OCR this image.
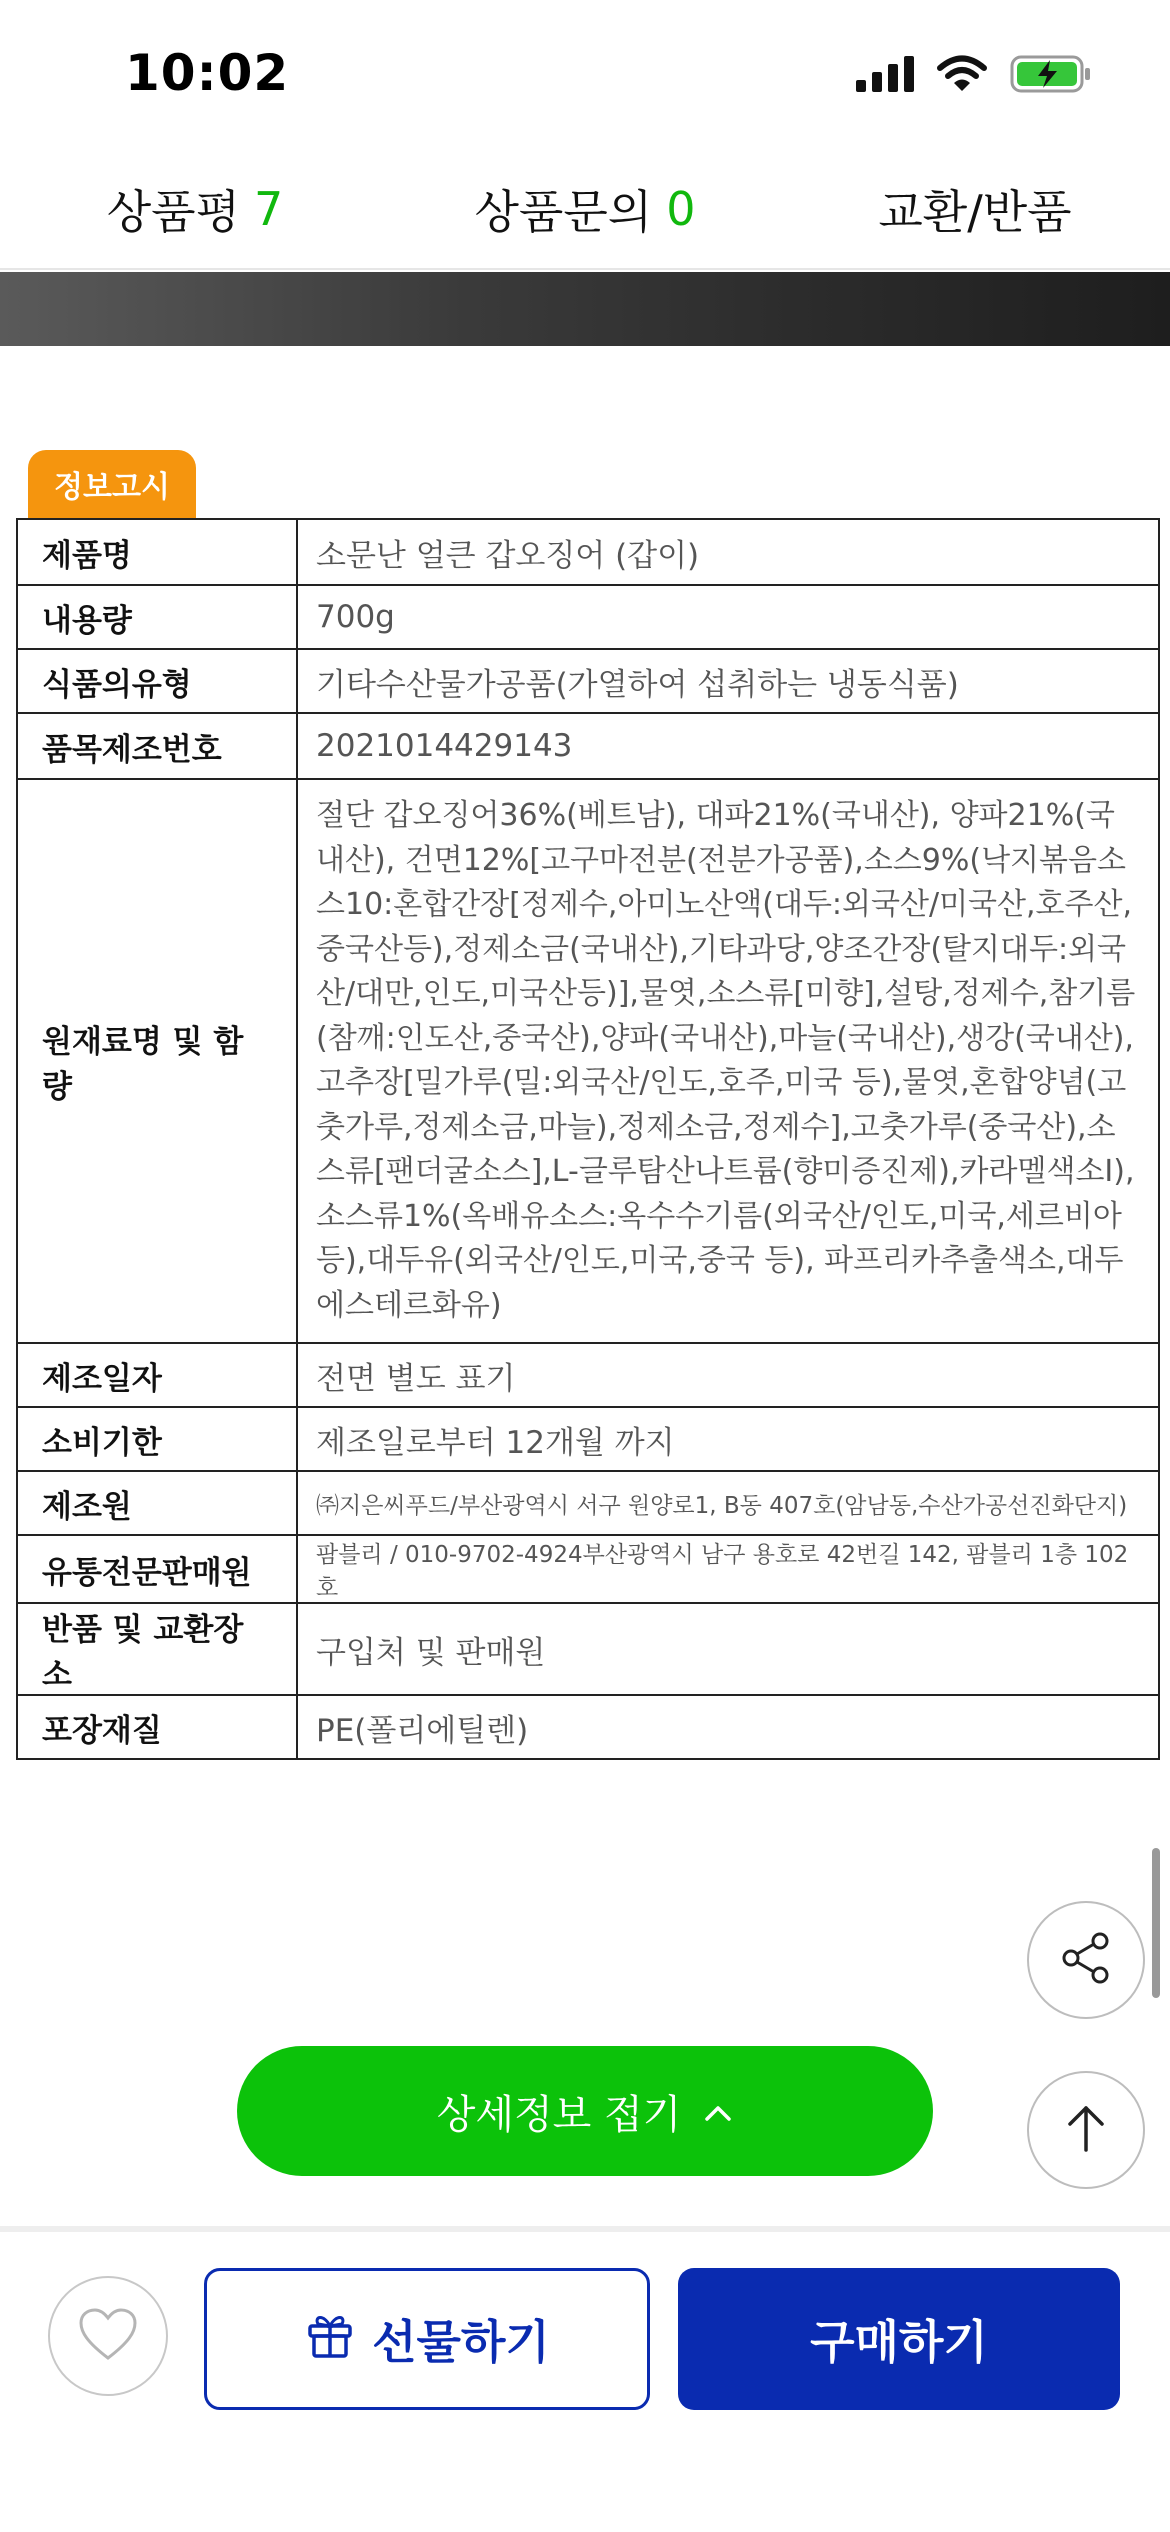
10:02
상품평 7	상품문의 0	교환/반품
정보고시
제품명	소문난 얼큰 갑오징어 (갑이)
내용량	700g
식품의유형	기타수산물가공품(가열하여 섭취하는 냉동식품)
품목제조번호	2021014429143
원재료명 및 함량	절단 갑오징어36%(베트남), 대파21%(국내산), 양파21%(국내산), 건면12%[고구마전분(전분가공품),소스9%(낙지볶음소스10:혼합간장[정제수,아미노산액(대두:외국산/미국산,호주산,중국산등),정제소금(국내산),기타과당,양조간장(탈지대두:외국산/대만,인도,미국산등)],물엿,소스류[미향],설탕,정제수,참기름(참깨:인도산,중국산),양파(국내산),마늘(국내산),생강(국내산),고추장[밀가루(밀:외국산/인도,호주,미국 등),물엿,혼합양념(고춧가루,정제소금,마늘),정제소금,정제수],고춧가루(중국산),소스류[팬더굴소스],L-글루탐산나트륨(향미증진제),카라멜색소Ⅰ),소스류1%(옥배유소스:옥수수기름(외국산/인도,미국,세르비아 등),대두유(외국산/인도,미국,중국 등), 파프리카추출색소,대두에스테르화유)
제조일자	전면 별도 표기
소비기한	제조일로부터 12개월 까지
제조원	㈜지은씨푸드/부산광역시 서구 원양로1, B동 407호(암남동,수산가공선진화단지)
유통전문판매원	팜블리 / 010-9702-4924부산광역시 남구 용호로 42번길 142, 팜블리 1층 102호
반품 및 교환장소	구입처 및 판매원
포장재질	PE(폴리에틸렌)
상세정보 접기
선물하기	구매하기
